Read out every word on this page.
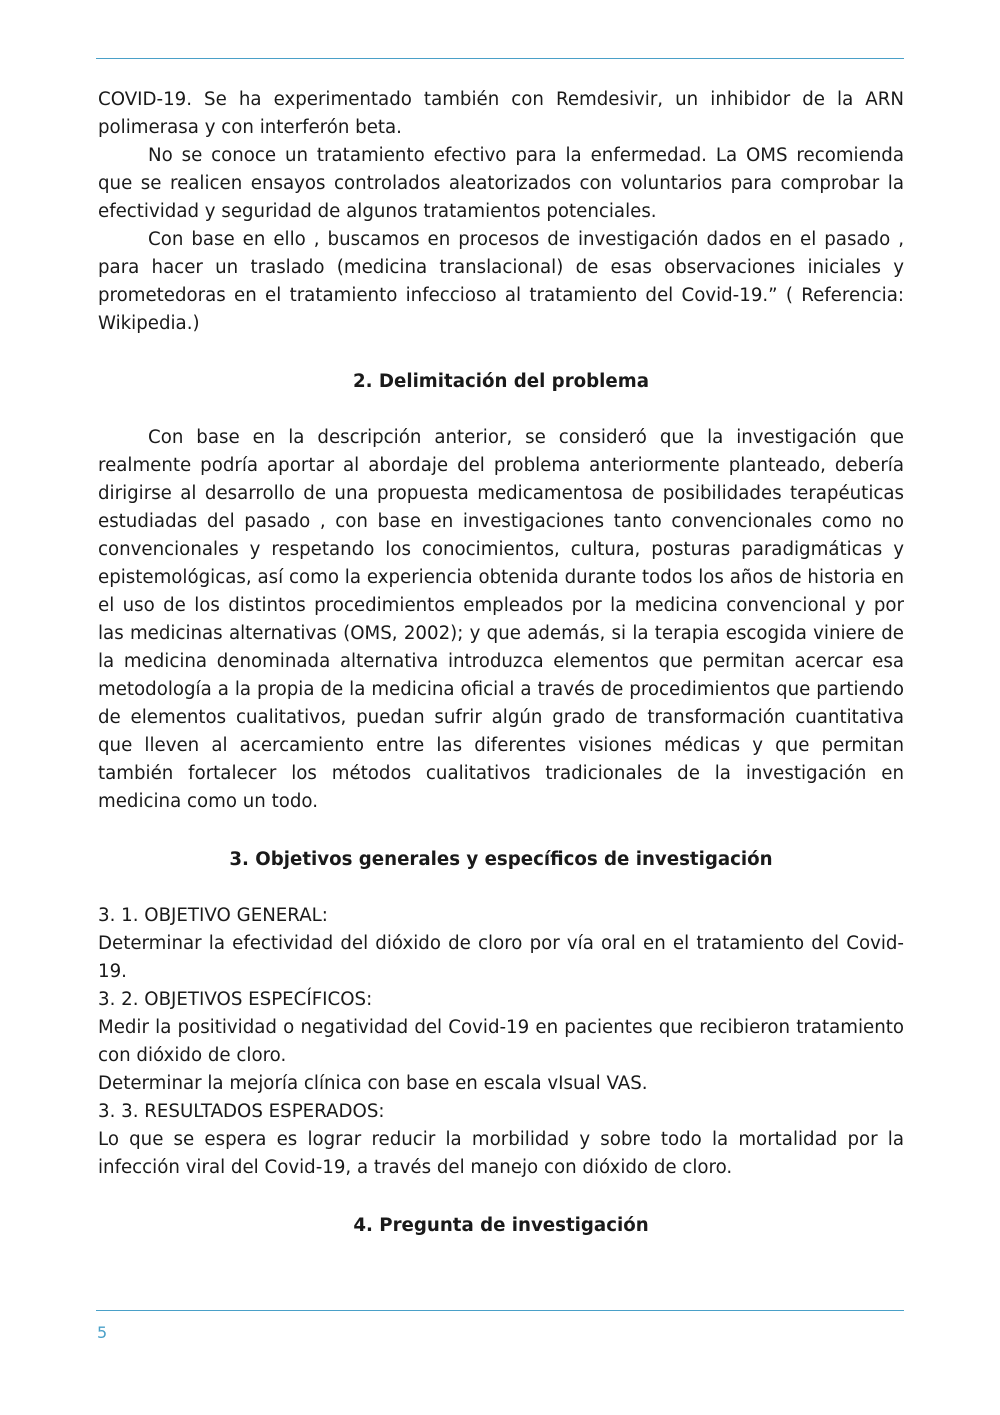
COVID-19. Se ha experimentado también con Remdesivir, un inhibidor de la ARN polimerasa y con interferón beta.

No se conoce un tratamiento efectivo para la enfermedad. La OMS recomienda que se realicen ensayos controlados aleatorizados con voluntarios para comprobar la efectividad y seguridad de algunos tratamientos potenciales.

Con base en ello , buscamos en procesos de investigación dados en el pasado , para hacer un traslado (medicina translacional) de esas observaciones iniciales y prometedoras en el tratamiento infeccioso al tratamiento del Covid-19.” ( Referencia: Wikipedia.)

2. Delimitación del problema

Con base en la descripción anterior, se consideró que la investigación que realmente podría aportar al abordaje del problema anteriormente planteado, debería dirigirse al desarrollo de una propuesta medicamentosa de posibilidades terapéuticas estudiadas del pasado , con base en investigaciones tanto convencionales como no convencionales y respetando los conocimientos, cultura, posturas paradigmáticas y epistemológicas, así como la experiencia obtenida durante todos los años de historia en el uso de los distintos procedimientos empleados por la medicina convencional y por las medicinas alternativas (OMS, 2002); y que además, si la terapia escogida viniere de la medicina denominada alternativa introduzca elementos que permitan acercar esa metodología a la propia de la medicina oficial a través de procedimientos que partiendo de elementos cualitativos, puedan sufrir algún grado de transformación cuantitativa que lleven al acercamiento entre las diferentes visiones médicas y que permitan también fortalecer los métodos cualitativos tradicionales de la investigación en medicina como un todo.

3. Objetivos generales y específicos de investigación
3. 1. OBJETIVO GENERAL:

Determinar la efectividad del dióxido de cloro por vía oral en el tratamiento del Covid-19.

3. 2. OBJETIVOS ESPECÍFICOS:

Medir la positividad o negatividad del Covid-19 en pacientes que recibieron tratamiento con dióxido de cloro.

Determinar la mejoría clínica con base en escala vIsual VAS.

3. 3. RESULTADOS ESPERADOS:

Lo que se espera es lograr reducir la morbilidad y sobre todo la mortalidad por la infección viral del Covid-19, a través del manejo con dióxido de cloro.

4. Pregunta de investigación
5
